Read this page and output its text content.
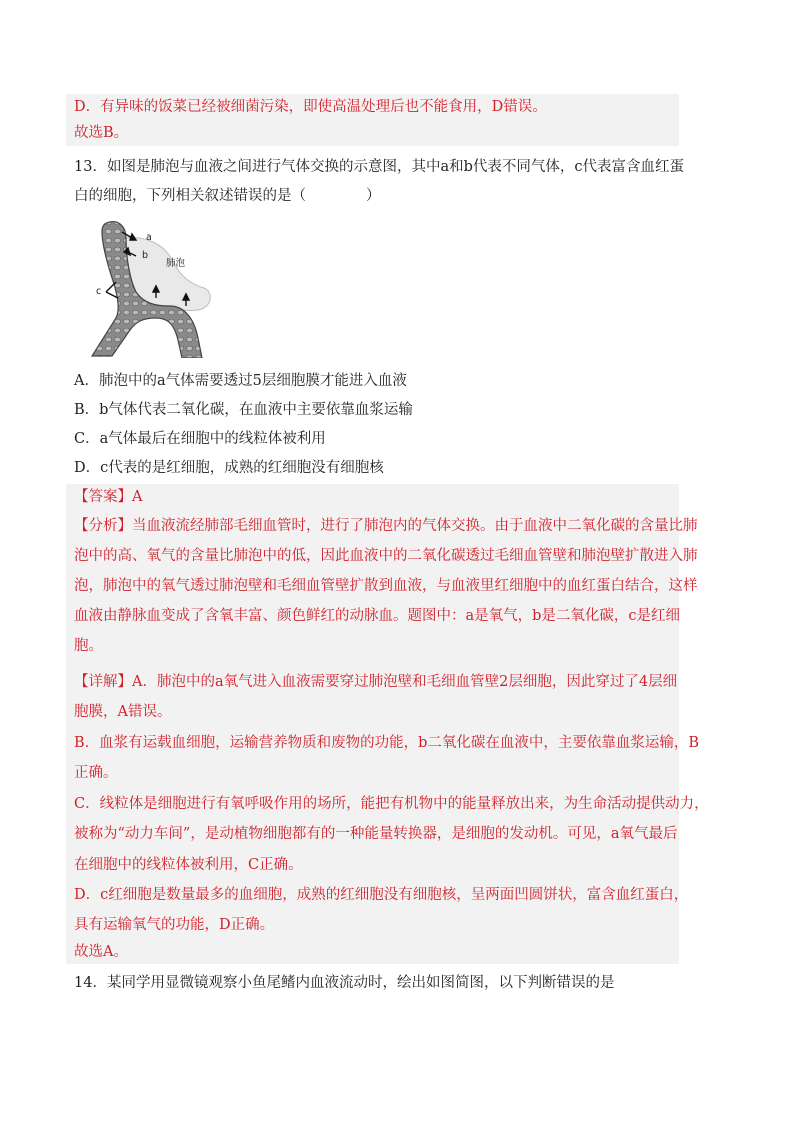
D．有异味的饭菜已经被细菌污染，即使高温处理后也不能食用，D错误。
故选B。
13．如图是肺泡与血液之间进行气体交换的示意图，其中a和b代表不同气体，c代表富含血红蛋
白的细胞，下列相关叙述错误的是（	）
a
b
c
肺泡
A．肺泡中的a气体需要透过5层细胞膜才能进入血液
B．b气体代表二氧化碳，在血液中主要依靠血浆运输
C．a气体最后在细胞中的线粒体被利用
D．c代表的是红细胞，成熟的红细胞没有细胞核
【答案】A
【分析】当血液流经肺部毛细血管时，进行了肺泡内的气体交换。由于血液中二氧化碳的含量比肺
泡中的高、氧气的含量比肺泡中的低，因此血液中的二氧化碳透过毛细血管壁和肺泡壁扩散进入肺
泡，肺泡中的氧气透过肺泡壁和毛细血管壁扩散到血液，与血液里红细胞中的血红蛋白结合，这样
血液由静脉血变成了含氧丰富、颜色鲜红的动脉血。题图中：a是氧气，b是二氧化碳，c是红细
胞。
【详解】A．肺泡中的a氧气进入血液需要穿过肺泡壁和毛细血管壁2层细胞，因此穿过了4层细
胞膜，A错误。
B．血浆有运载血细胞，运输营养物质和废物的功能，b二氧化碳在血液中，主要依靠血浆运输，B
正确。
C．线粒体是细胞进行有氧呼吸作用的场所，能把有机物中的能量释放出来，为生命活动提供动力，
被称为“动力车间”，是动植物细胞都有的一种能量转换器，是细胞的发动机。可见，a氧气最后
在细胞中的线粒体被利用，C正确。
D．c红细胞是数量最多的血细胞，成熟的红细胞没有细胞核，呈两面凹圆饼状，富含血红蛋白，
具有运输氧气的功能，D正确。
故选A。
14．某同学用显微镜观察小鱼尾鳍内血液流动时，绘出如图简图，以下判断错误的是
